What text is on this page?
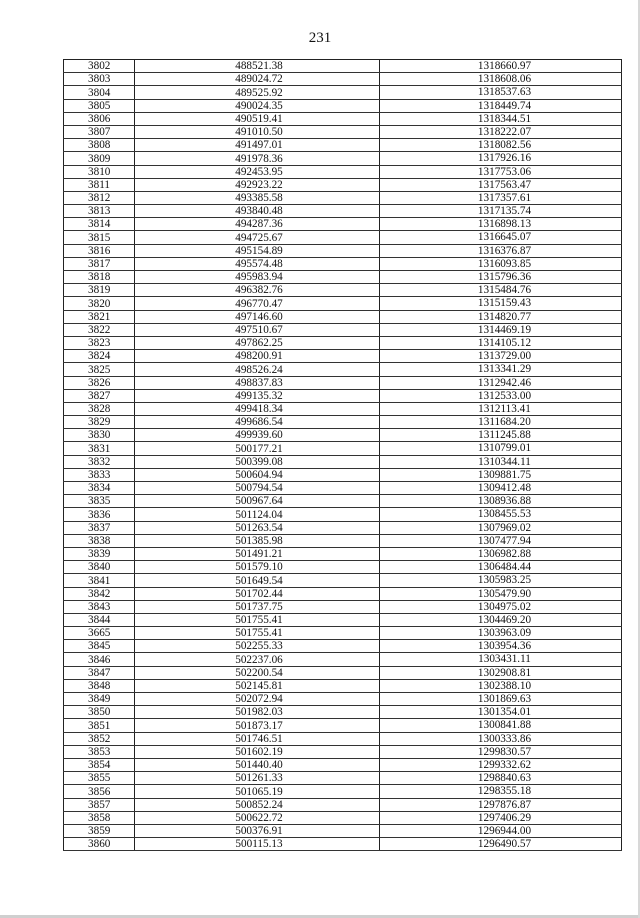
231
3802	488521.38	1318660.97
3803	489024.72	1318608.06
3804	489525.92	1318537.63
3805	490024.35	1318449.74
3806	490519.41	1318344.51
3807	491010.50	1318222.07
3808	491497.01	1318082.56
3809	491978.36	1317926.16
3810	492453.95	1317753.06
3811	492923.22	1317563.47
3812	493385.58	1317357.61
3813	493840.48	1317135.74
3814	494287.36	1316898.13
3815	494725.67	1316645.07
3816	495154.89	1316376.87
3817	495574.48	1316093.85
3818	495983.94	1315796.36
3819	496382.76	1315484.76
3820	496770.47	1315159.43
3821	497146.60	1314820.77
3822	497510.67	1314469.19
3823	497862.25	1314105.12
3824	498200.91	1313729.00
3825	498526.24	1313341.29
3826	498837.83	1312942.46
3827	499135.32	1312533.00
3828	499418.34	1312113.41
3829	499686.54	1311684.20
3830	499939.60	1311245.88
3831	500177.21	1310799.01
3832	500399.08	1310344.11
3833	500604.94	1309881.75
3834	500794.54	1309412.48
3835	500967.64	1308936.88
3836	501124.04	1308455.53
3837	501263.54	1307969.02
3838	501385.98	1307477.94
3839	501491.21	1306982.88
3840	501579.10	1306484.44
3841	501649.54	1305983.25
3842	501702.44	1305479.90
3843	501737.75	1304975.02
3844	501755.41	1304469.20
3665	501755.41	1303963.09
3845	502255.33	1303954.36
3846	502237.06	1303431.11
3847	502200.54	1302908.81
3848	502145.81	1302388.10
3849	502072.94	1301869.63
3850	501982.03	1301354.01
3851	501873.17	1300841.88
3852	501746.51	1300333.86
3853	501602.19	1299830.57
3854	501440.40	1299332.62
3855	501261.33	1298840.63
3856	501065.19	1298355.18
3857	500852.24	1297876.87
3858	500622.72	1297406.29
3859	500376.91	1296944.00
3860	500115.13	1296490.57
